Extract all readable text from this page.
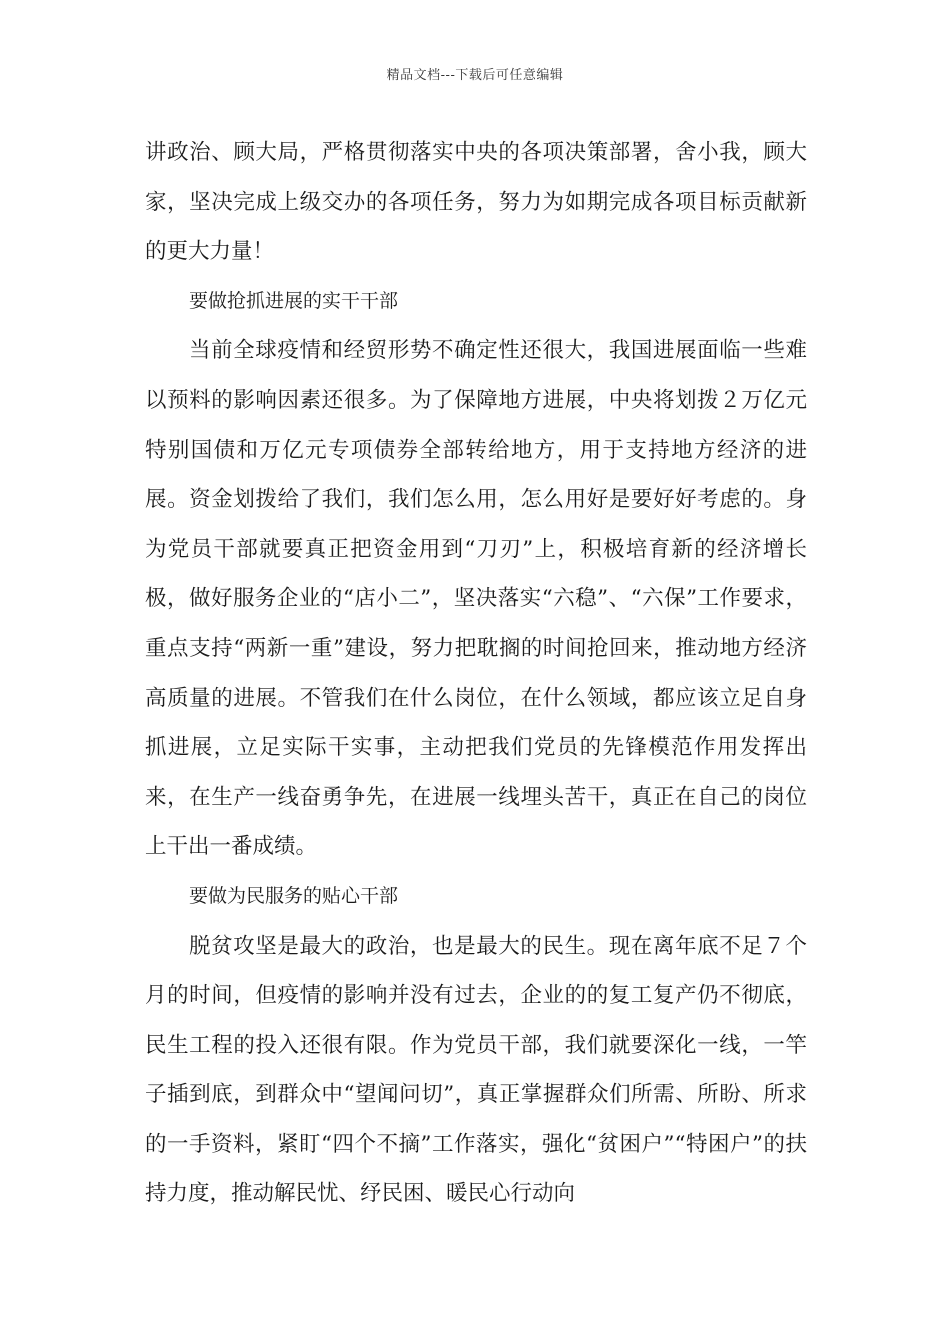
精品文档---下载后可任意编辑

讲政治、顾大局，严格贯彻落实中央的各项决策部署，舍小我，顾大家，坚决完成上级交办的各项任务，努力为如期完成各项目标贡献新的更大力量！

要做抢抓进展的实干干部

当前全球疫情和经贸形势不确定性还很大，我国进展面临一些难以预料的影响因素还很多。为了保障地方进展，中央将划拨２万亿元特别国债和万亿元专项债券全部转给地方，用于支持地方经济的进展。资金划拨给了我们，我们怎么用，怎么用好是要好好考虑的。身为党员干部就要真正把资金用到“刀刃”上，积极培育新的经济增长极，做好服务企业的“店小二”，坚决落实“六稳”、“六保”工作要求，重点支持“两新一重”建设，努力把耽搁的时间抢回来，推动地方经济高质量的进展。不管我们在什么岗位，在什么领域，都应该立足自身抓进展，立足实际干实事，主动把我们党员的先锋模范作用发挥出来，在生产一线奋勇争先，在进展一线埋头苦干，真正在自己的岗位上干出一番成绩。

要做为民服务的贴心干部

脱贫攻坚是最大的政治，也是最大的民生。现在离年底不足７个月的时间，但疫情的影响并没有过去，企业的的复工复产仍不彻底，民生工程的投入还很有限。作为党员干部，我们就要深化一线，一竿子插到底，到群众中“望闻问切”，真正掌握群众们所需、所盼、所求的一手资料，紧盯“四个不摘”工作落实，强化“贫困户”“特困户”的扶持力度，推动解民忧、纾民困、暖民心行动向
